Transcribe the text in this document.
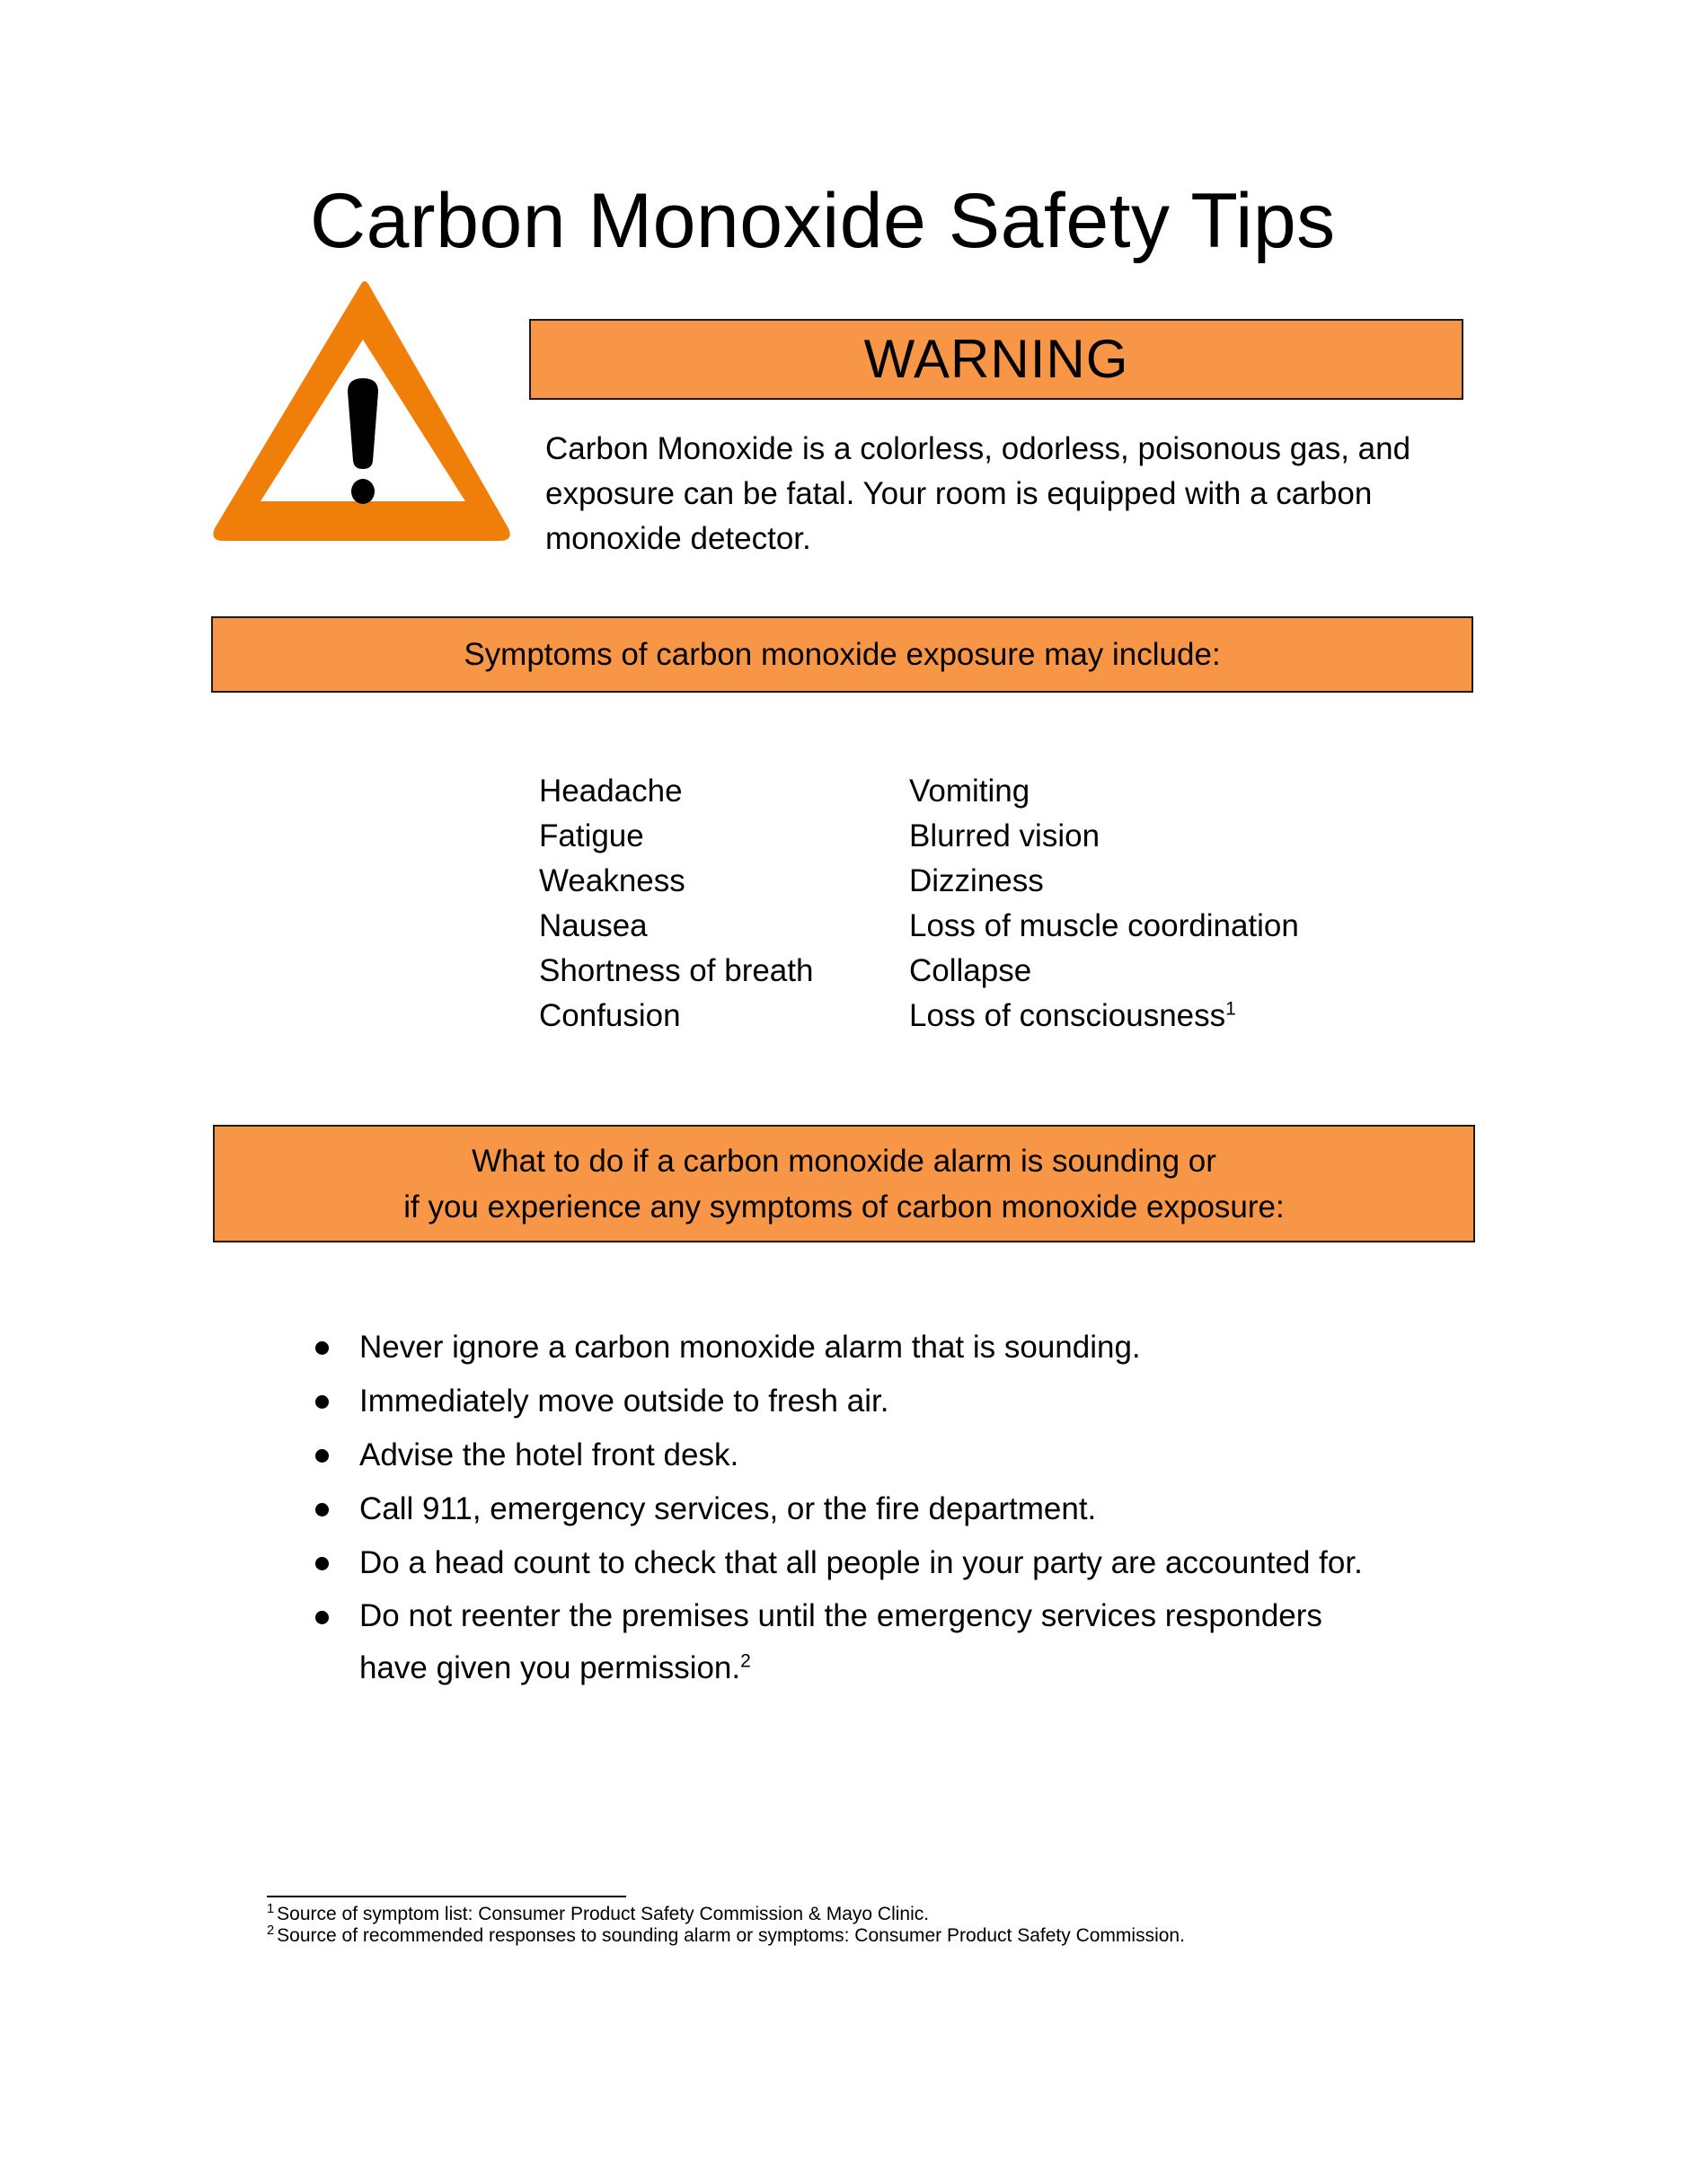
Carbon Monoxide Safety Tips
WARNING
Carbon Monoxide is a colorless, odorless, poisonous gas, and
exposure can be fatal. Your room is equipped with a carbon
monoxide detector.
Symptoms of carbon monoxide exposure may include:
Headache
Fatigue
Weakness
Nausea
Shortness of breath
Confusion
Vomiting
Blurred vision
Dizziness
Loss of muscle coordination
Collapse
Loss of consciousness$^1$
What to do if a carbon monoxide alarm is sounding or
if you experience any symptoms of carbon monoxide exposure:
Never ignore a carbon monoxide alarm that is sounding.
Immediately move outside to fresh air.
Advise the hotel front desk.
Call 911, emergency services, or the fire department.
Do a head count to check that all people in your party are accounted for.
Do not reenter the premises until the emergency services responders
have given you permission.$^2$
$^1$ Source of symptom list: Consumer Product Safety Commission & Mayo Clinic.
$^2$ Source of recommended responses to sounding alarm or symptoms: Consumer Product Safety Commission.
